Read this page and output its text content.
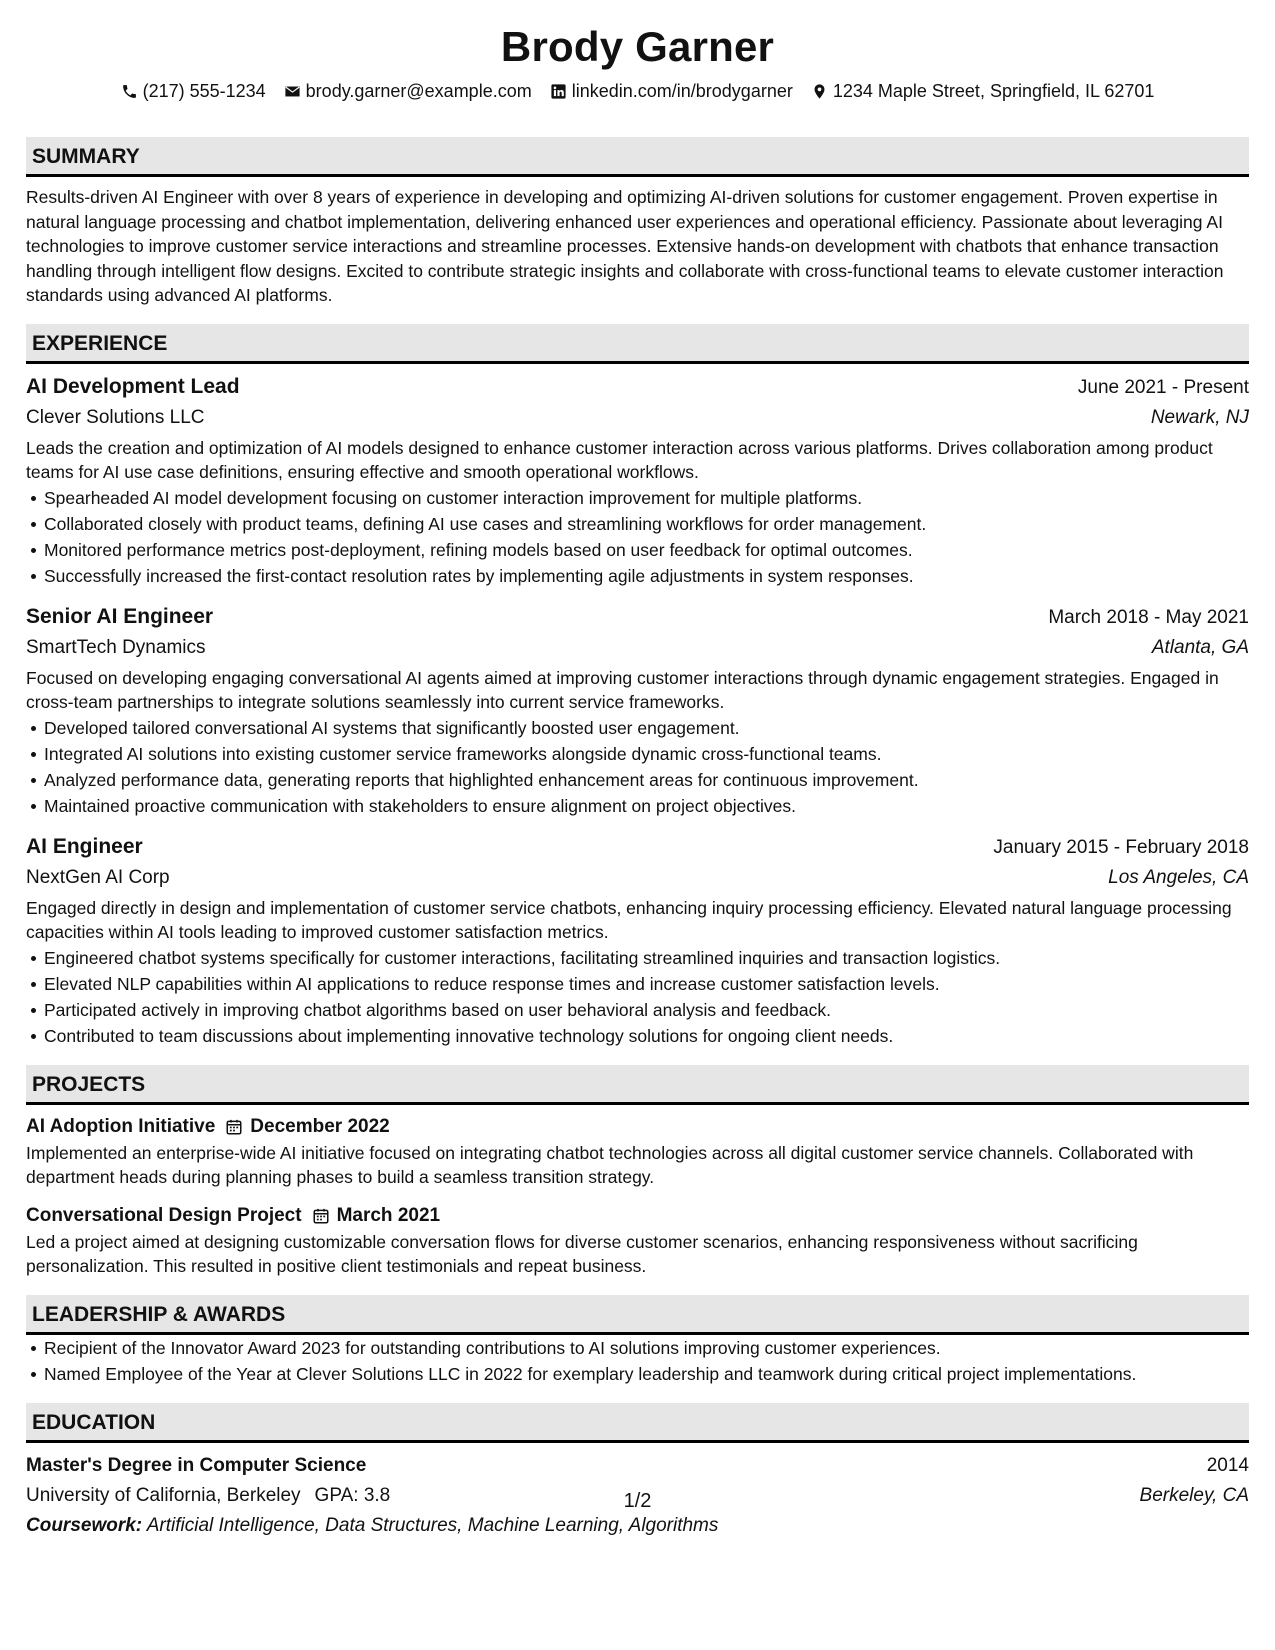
Brody Garner
(217) 555-1234 brody.garner@example.com linkedin.com/in/brodygarner 1234 Maple Street, Springfield, IL 62701
SUMMARY

Results-driven AI Engineer with over 8 years of experience in developing and optimizing AI-driven solutions for customer engagement. Proven expertise in natural language processing and chatbot implementation, delivering enhanced user experiences and operational efficiency. Passionate about leveraging AI technologies to improve customer service interactions and streamline processes. Extensive hands-on development with chatbots that enhance transaction handling through intelligent flow designs. Excited to contribute strategic insights and collaborate with cross-functional teams to elevate customer interaction standards using advanced AI platforms.

EXPERIENCE
AI Development Lead	June 2021 - Present
Clever Solutions LLC	Newark, NJ

Leads the creation and optimization of AI models designed to enhance customer interaction across various platforms. Drives collaboration among product teams for AI use case definitions, ensuring effective and smooth operational workflows.

Spearheaded AI model development focusing on customer interaction improvement for multiple platforms.
Collaborated closely with product teams, defining AI use cases and streamlining workflows for order management.
Monitored performance metrics post-deployment, refining models based on user feedback for optimal outcomes.
Successfully increased the first-contact resolution rates by implementing agile adjustments in system responses.
Senior AI Engineer	March 2018 - May 2021
SmartTech Dynamics	Atlanta, GA

Focused on developing engaging conversational AI agents aimed at improving customer interactions through dynamic engagement strategies. Engaged in cross-team partnerships to integrate solutions seamlessly into current service frameworks.

Developed tailored conversational AI systems that significantly boosted user engagement.
Integrated AI solutions into existing customer service frameworks alongside dynamic cross-functional teams.
Analyzed performance data, generating reports that highlighted enhancement areas for continuous improvement.
Maintained proactive communication with stakeholders to ensure alignment on project objectives.
AI Engineer	January 2015 - February 2018
NextGen AI Corp	Los Angeles, CA

Engaged directly in design and implementation of customer service chatbots, enhancing inquiry processing efficiency. Elevated natural language processing capacities within AI tools leading to improved customer satisfaction metrics.

Engineered chatbot systems specifically for customer interactions, facilitating streamlined inquiries and transaction logistics.
Elevated NLP capabilities within AI applications to reduce response times and increase customer satisfaction levels.
Participated actively in improving chatbot algorithms based on user behavioral analysis and feedback.
Contributed to team discussions about implementing innovative technology solutions for ongoing client needs.
PROJECTS
AI Adoption Initiative December 2022

Implemented an enterprise-wide AI initiative focused on integrating chatbot technologies across all digital customer service channels. Collaborated with department heads during planning phases to build a seamless transition strategy.

Conversational Design Project March 2021

Led a project aimed at designing customizable conversation flows for diverse customer scenarios, enhancing responsiveness without sacrificing personalization. This resulted in positive client testimonials and repeat business.

LEADERSHIP & AWARDS
Recipient of the Innovator Award 2023 for outstanding contributions to AI solutions improving customer experiences.
Named Employee of the Year at Clever Solutions LLC in 2022 for exemplary leadership and teamwork during critical project implementations.
EDUCATION
Master's Degree in Computer Science	2014
University of California, Berkeley GPA: 3.8	Berkeley, CA
Coursework: Artificial Intelligence, Data Structures, Machine Learning, Algorithms
1/2
